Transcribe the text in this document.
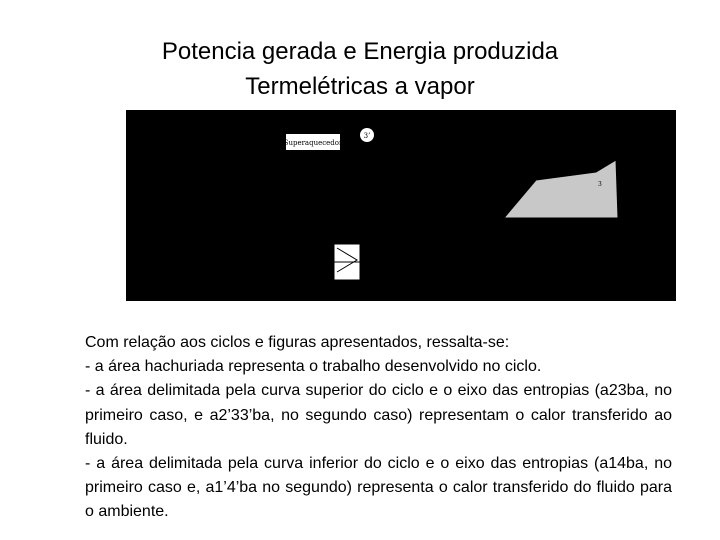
Potencia gerada e Energia produzida
Termelétricas a vapor
Superaquecedor
3’
3

Com relação aos ciclos e figuras apresentados, ressalta-se:

- a área hachuriada representa o trabalho desenvolvido no ciclo.

- a área delimitada pela curva superior do ciclo e o eixo das entropias (a23ba, no primeiro caso, e a2’33’ba, no segundo caso) representam o calor transferido ao fluido.

- a área delimitada pela curva inferior do ciclo e o eixo das entropias (a14ba, no primeiro caso e, a1’4’ba no segundo) representa o calor transferido do fluido para o ambiente.
